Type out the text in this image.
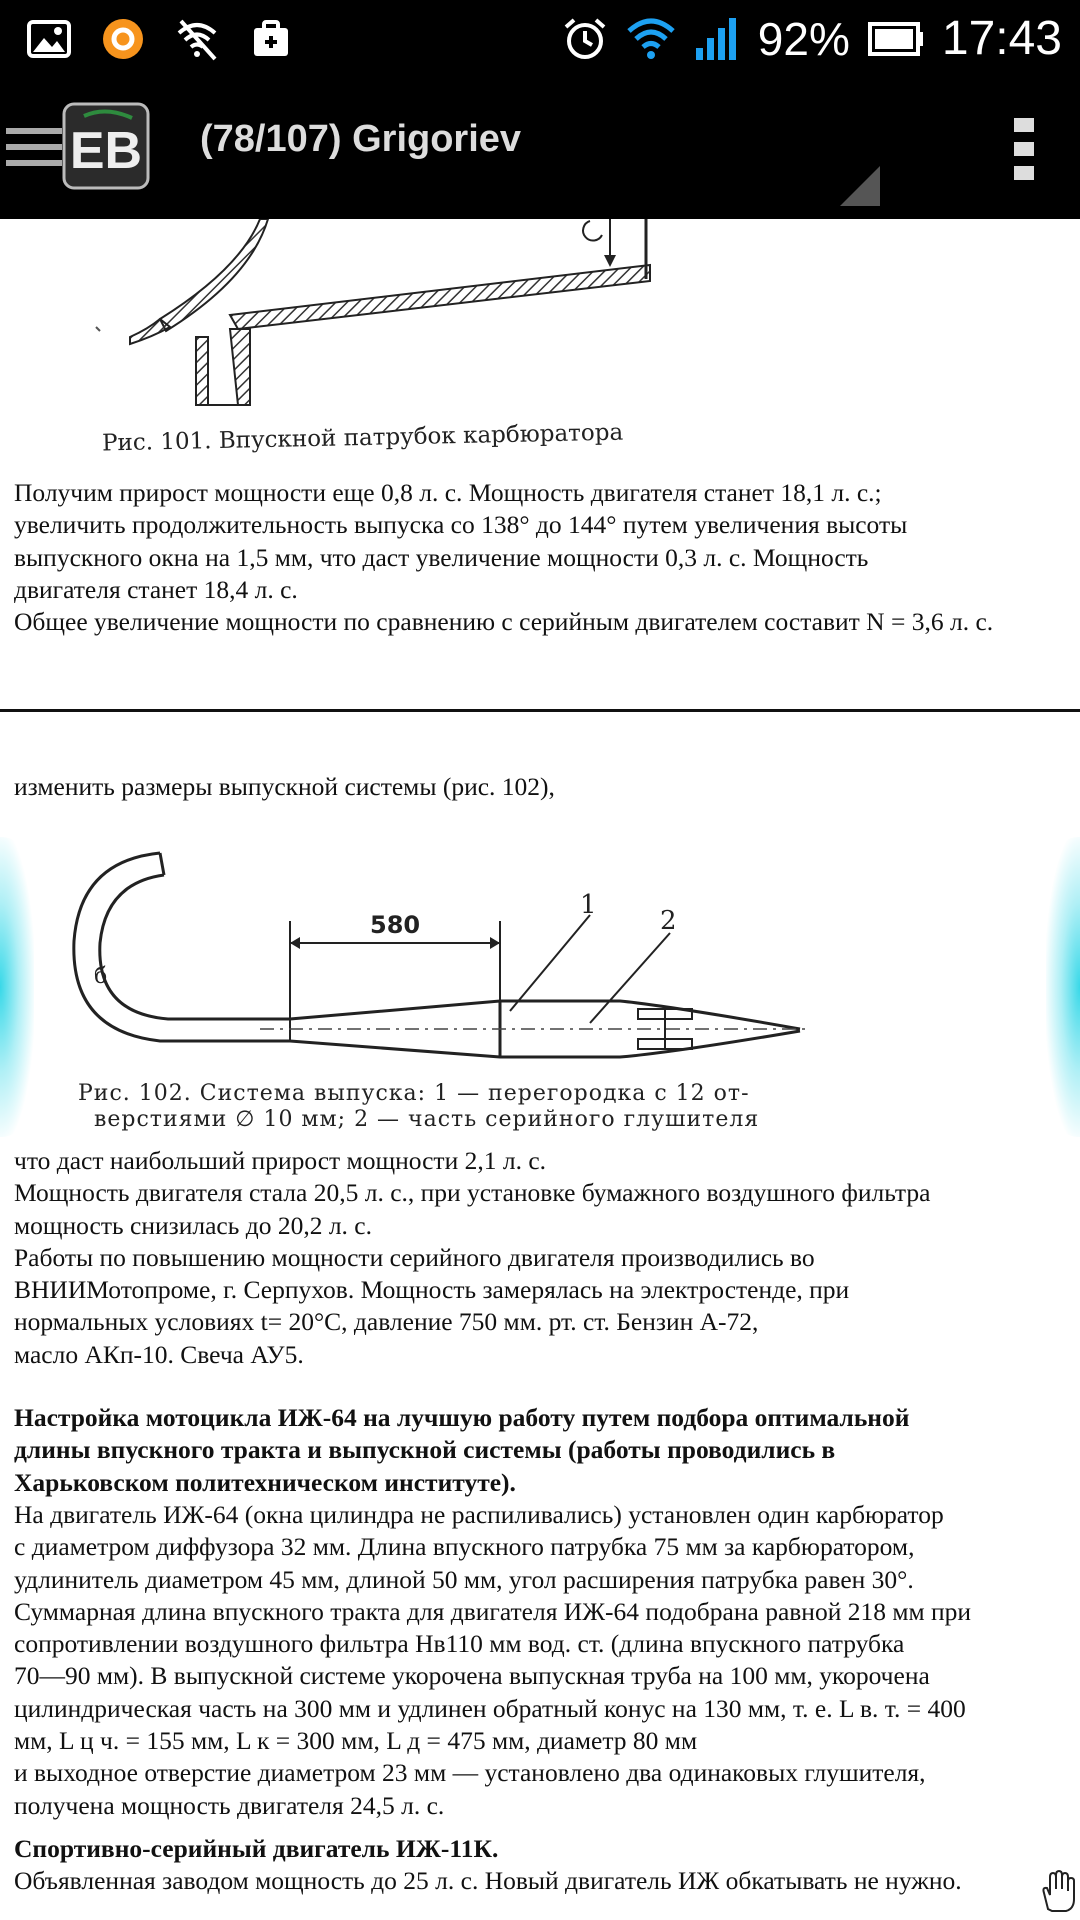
92% 17:43
EB (78/107) Grigoriev
Рис. 101. Впускной патрубок карбюратора

Получим прирост мощности еще 0,8 л. с. Мощность двигателя станет 18,1 л. с.;
увеличить продолжительность выпуска со 138° до 144° путем увеличения высоты
выпускного окна на 1,5 мм, что даст увеличение мощности 0,3 л. с. Мощность
двигателя станет 18,4 л. с.
Общее увеличение мощности по сравнению с серийным двигателем составит N = 3,6 л. с.

изменить размеры выпускной системы (рис. 102),

580
1
2
б
Рис. 102. Система выпуска: 1 — перегородка с 12 от-
верстиями ∅ 10 мм; 2 — часть серийного глушителя

что даст наибольший прирост мощности 2,1 л. с.
Мощность двигателя стала 20,5 л. с., при установке бумажного воздушного фильтра
мощность снизилась до 20,2 л. с.
Работы по повышению мощности серийного двигателя производились во
ВНИИМотопроме, г. Серпухов. Мощность замерялась на электростенде, при
нормальных условиях t= 20°С, давление 750 мм. рт. ст. Бензин А-72,
масло АКп-10. Свеча АУ5.

Настройка мотоцикла ИЖ-64 на лучшую работу путем подбора оптимальной
длины впускного тракта и выпускной системы (работы проводились в
Харьковском политехническом институте).

На двигатель ИЖ-64 (окна цилиндра не распиливались) установлен один карбюратор
с диаметром диффузора 32 мм. Длина впускного патрубка 75 мм за карбюратором,
удлинитель диаметром 45 мм, длиной 50 мм, угол расширения патрубка равен 30°.
Суммарная длина впускного тракта для двигателя ИЖ-64 подобрана равной 218 мм при
сопротивлении воздушного фильтра Нв110 мм вод. ст. (длина впускного патрубка
70—90 мм). В выпускной системе укорочена выпускная труба на 100 мм, укорочена
цилиндрическая часть на 300 мм и удлинен обратный конус на 130 мм, т. е. L в. т. = 400
мм, L ц ч. = 155 мм, L к = 300 мм, L д = 475 мм, диаметр 80 мм
и выходное отверстие диаметром 23 мм — установлено два одинаковых глушителя,
получена мощность двигателя 24,5 л. с.

Спортивно-серийный двигатель ИЖ-11К.

Объявленная заводом мощность до 25 л. с. Новый двигатель ИЖ обкатывать не нужно.
